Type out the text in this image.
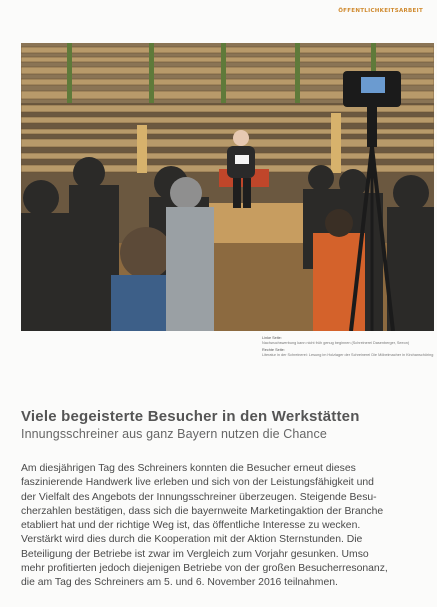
ÖFFENTLICHKEITSARBEIT
Linke Seite:
Nachwuchswerbung kann nicht früh genug beginnen (Schreinerei Dasenberger, Seeon)
Rechte Seite:
Literatur in der Schreinerei: Lesung im Holzlager der Schreinerei Die Möbelmacher in Kirchanschöring
Viele begeisterte Besucher in den Werkstätten
Innungsschreiner aus ganz Bayern nutzen die Chance
Am diesjährigen Tag des Schreiners konnten die Besucher erneut dieses
faszinierende Handwerk live erleben und sich von der Leistungsfähigkeit und
der Vielfalt des Angebots der Innungsschreiner überzeugen. Steigende Besu-
cherzahlen bestätigen, dass sich die bayernweite Marketingaktion der Branche
etabliert hat und der richtige Weg ist, das öffentliche Interesse zu wecken.
Verstärkt wird dies durch die Kooperation mit der Aktion Sternstunden. Die
Beteiligung der Betriebe ist zwar im Vergleich zum Vorjahr gesunken. Umso
mehr profitierten jedoch diejenigen Betriebe von der großen Besucherresonanz,
die am Tag des Schreiners am 5. und 6. November 2016 teilnahmen.
